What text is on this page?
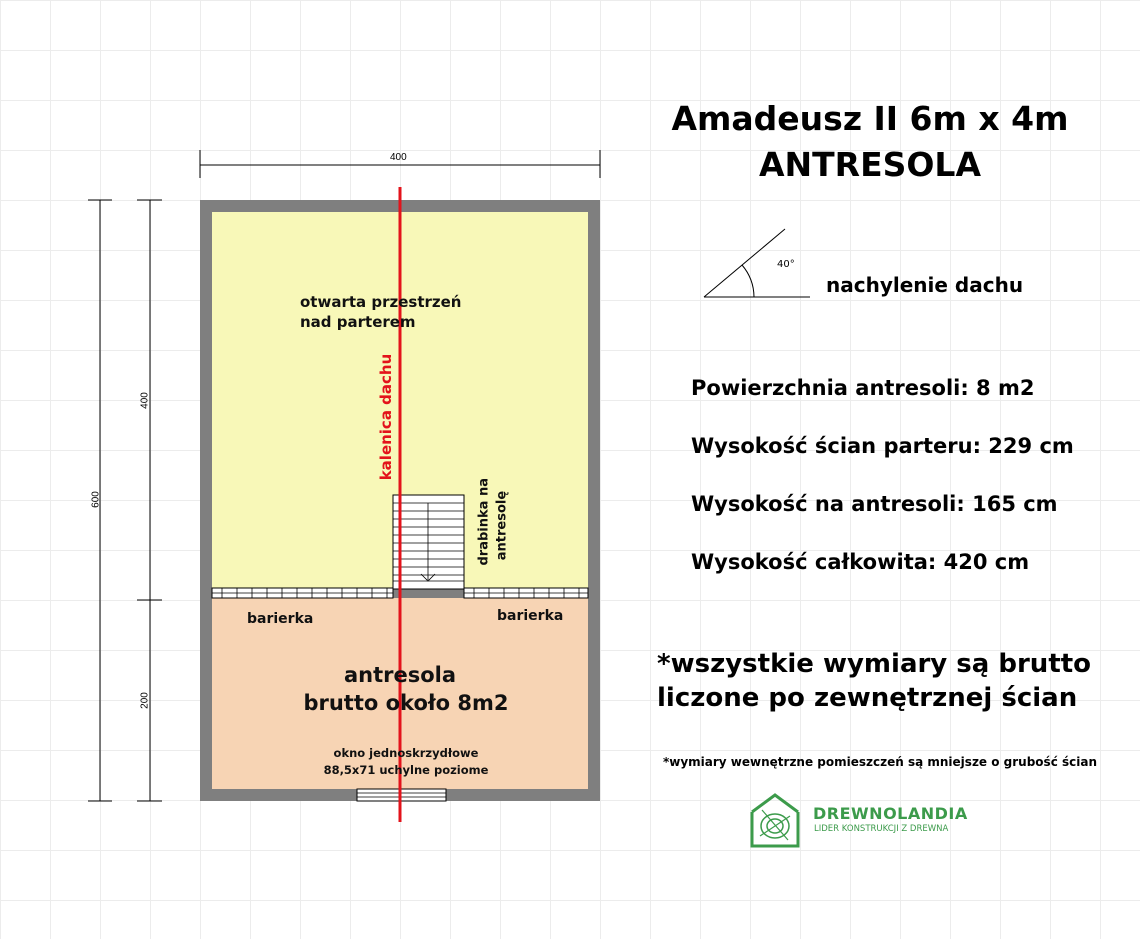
Amadeusz II 6m x 4m
ANTRESOLA
40°
nachylenie dachu
Powierzchnia antresoli: 8 m2
Wysokość ścian parteru: 229 cm
Wysokość na antresoli: 165 cm
Wysokość całkowita: 420 cm
*wszystkie wymiary są brutto
liczone po zewnętrznej ścian
*wymiary wewnętrzne pomieszczeń są mniejsze o grubość ścian
DREWNOLANDIA
LIDER KONSTRUKCJI Z DREWNA
400
600
400
200
otwarta przestrzeń
nad parterem
kalenica dachu
drabinka na antresolę
barierka	barierka
antresola
brutto około 8m2
okno jednoskrzydłowe
88,5x71 uchylne poziome
